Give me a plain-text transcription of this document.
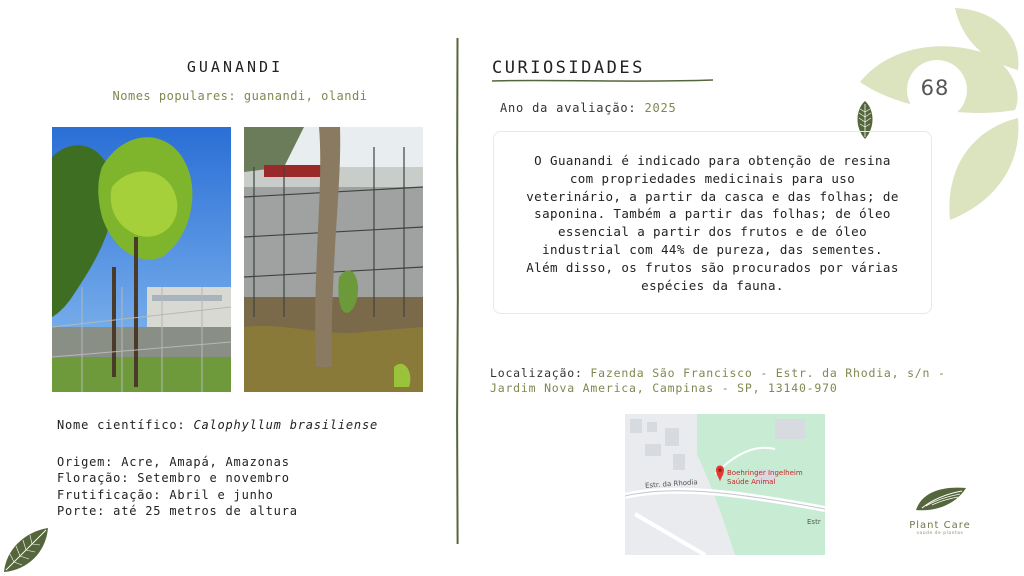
68
GUANANDI
Nomes populares: guanandi, olandi
Nome científico: Calophyllum brasiliense
Origem: Acre, Amapá, Amazonas
Floração: Setembro e novembro
Frutificação: Abril e junho
Porte: até 25 metros de altura
CURIOSIDADES
Ano da avaliação: 2025
O Guanandi é indicado para obtenção de resina com propriedades medicinais para uso veterinário, a partir da casca e das folhas; de saponina. Também a partir das folhas; de óleo essencial a partir dos frutos e de óleo industrial com 44% de pureza, das sementes. Além disso, os frutos são procurados por várias espécies da fauna.
Localização: Fazenda São Francisco - Estr. da Rhodia, s/n - Jardim Nova America, Campinas - SP, 13140-970
Estr. da Rhodia
Estr
Boehringer Ingelheim
Saúde Animal
Plant Care
saúde de plantas
